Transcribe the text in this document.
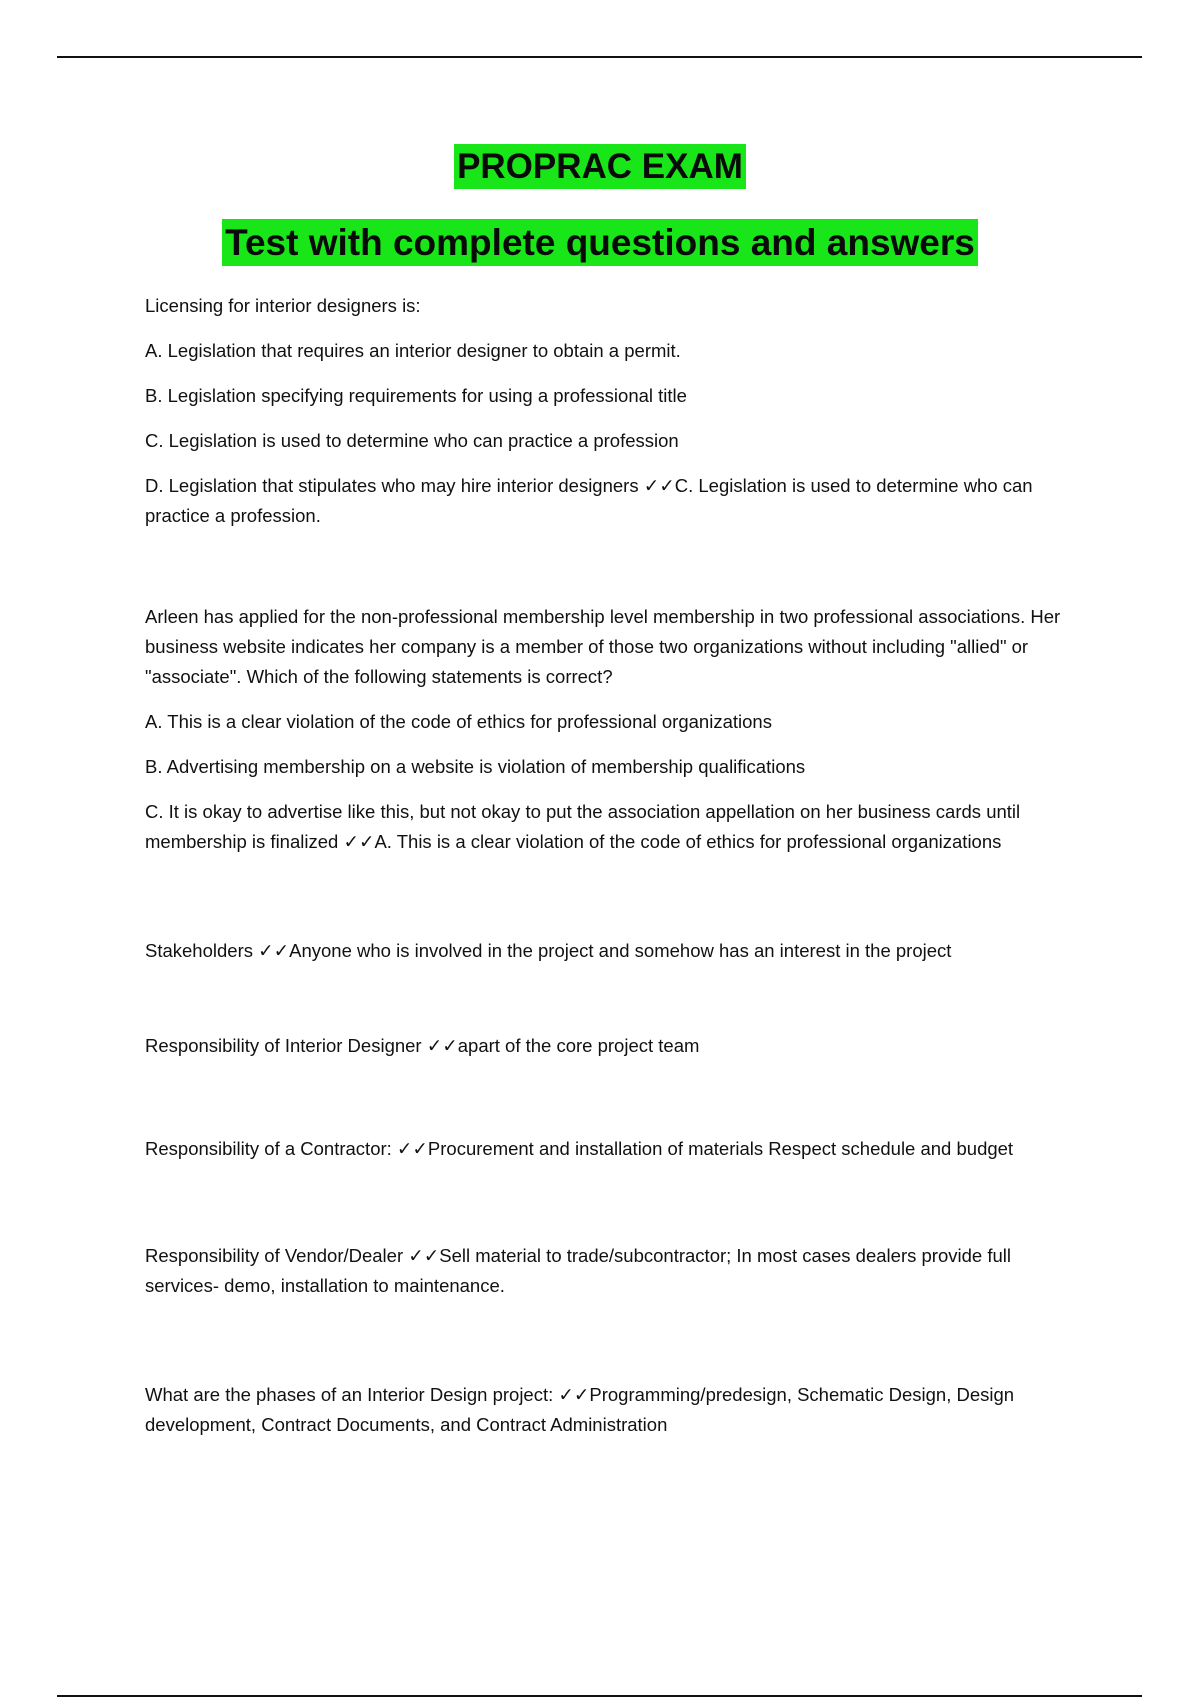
PROPRAC EXAM
Test with complete questions and answers

Licensing for interior designers is:

A. Legislation that requires an interior designer to obtain a permit.

B. Legislation specifying requirements for using a professional title

C. Legislation is used to determine who can practice a profession

D. Legislation that stipulates who may hire interior designers ✓✓C. Legislation is used to determine who can practice a profession.

Arleen has applied for the non-professional membership level membership in two professional associations. Her business website indicates her company is a member of those two organizations without including "allied" or "associate". Which of the following statements is correct?

A. This is a clear violation of the code of ethics for professional organizations

B. Advertising membership on a website is violation of membership qualifications

C. It is okay to advertise like this, but not okay to put the association appellation on her business cards until membership is finalized ✓✓A. This is a clear violation of the code of ethics for professional organizations

Stakeholders ✓✓Anyone who is involved in the project and somehow has an interest in the project

Responsibility of Interior Designer ✓✓apart of the core project team

Responsibility of a Contractor: ✓✓Procurement and installation of materials Respect schedule and budget

Responsibility of Vendor/Dealer ✓✓Sell material to trade/subcontractor; In most cases dealers provide full services- demo, installation to maintenance.

What are the phases of an Interior Design project: ✓✓Programming/predesign, Schematic Design, Design development, Contract Documents, and Contract Administration
